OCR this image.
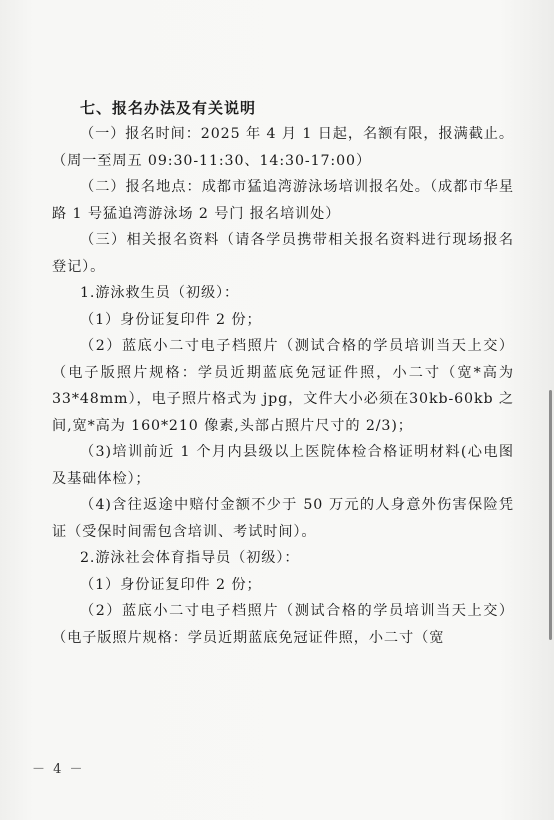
七、报名办法及有关说明

（一）报名时间：2025 年 4 月 1 日起，名额有限，报满截止。（周一至周五 09:30-11:30、14:30-17:00）

（二）报名地点：成都市猛追湾游泳场培训报名处。（成都市华星路 1 号猛追湾游泳场 2 号门 报名培训处）

（三）相关报名资料（请各学员携带相关报名资料进行现场报名登记）。

1.游泳救生员（初级）：

（1）身份证复印件 2 份；

（2）蓝底小二寸电子档照片（测试合格的学员培训当天上交）（电子版照片规格：学员近期蓝底免冠证件照，小二寸（宽*高为 33*48mm），电子照片格式为 jpg，文件大小必须在30kb-60kb 之间,宽*高为 160*210 像素,头部占照片尺寸的 2/3)；

（3)培训前近 1 个月内县级以上医院体检合格证明材料(心电图及基础体检）；

（4)含往返途中赔付金额不少于 50 万元的人身意外伤害保险凭证（受保时间需包含培训、考试时间）。

2.游泳社会体育指导员（初级）：

（1）身份证复印件 2 份；

（2）蓝底小二寸电子档照片（测试合格的学员培训当天上交）（电子版照片规格：学员近期蓝底免冠证件照，小二寸（宽

－ 4 －
